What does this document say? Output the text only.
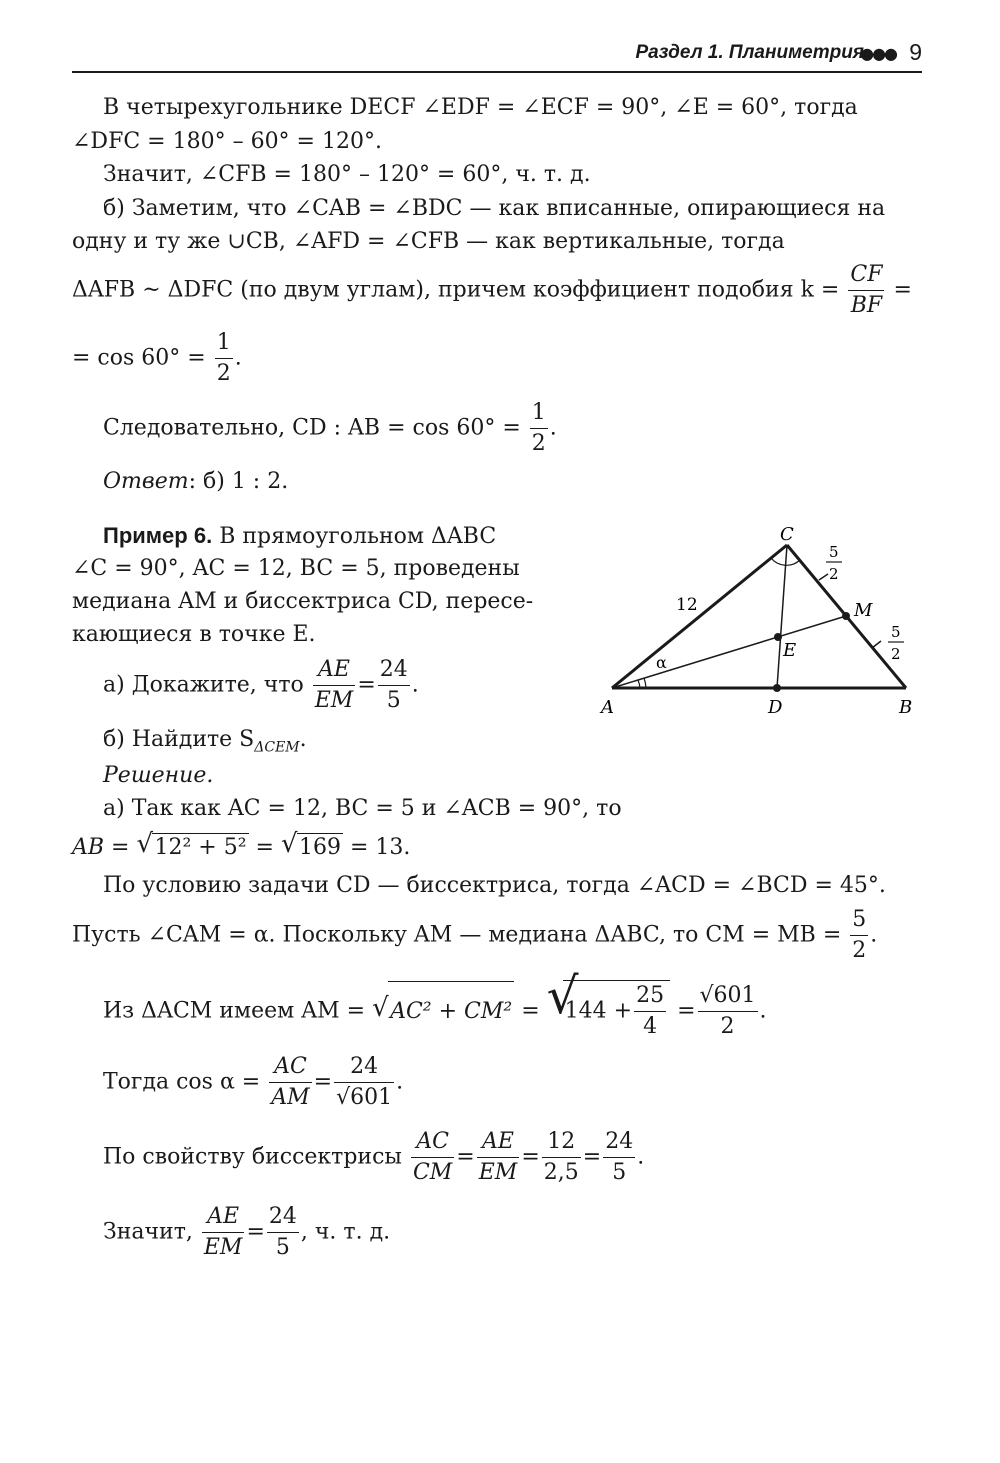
Раздел 1. Планиметрия
●●● 9
В четырехугольнике DECF ∠EDF = ∠ECF = 90°, ∠E = 60°, тогда
∠DFC = 180° – 60° = 120°.
Значит, ∠CFB = 180° – 120° = 60°, ч. т. д.
б) Заметим, что ∠CAB = ∠BDC — как вписанные, опирающиеся на
одну и ту же ∪CB, ∠AFD = ∠CFB — как вертикальные, тогда
ΔAFB ~ ΔDFC (по двум углам), причем коэффициент подобия $k = \frac{CF}{BF}$ =
= $\cos 60^\circ = \frac{1}{2}$ .
Следовательно, CD : AB = $\cos 60^\circ = \frac{1}{2}$ .
Ответ: б) 1 : 2.
Пример 6. В прямоугольном ΔABC
∠C = 90°, AC = 12, BC = 5, проведены
медиана AM и биссектриса CD, пересе-
кающиеся в точке E.
а) Докажите, что $\frac{AE}{EM} = \frac{24}{5}$ .
б) Найдите $S_{\Delta CEM}$.
Решение.
а) Так как AC = 12, BC = 5 и ∠ACB = 90°, то
AB = √ 12² + 5² = √ 169 = 13.
По условию задачи CD — биссектриса, тогда ∠ACD = ∠BCD = 45°.
Пусть ∠CAM = α. Поскольку AM — медиана ΔABC, то CM = MB = $\frac{5}{2}$ .
Из ΔACM имеем AM = √ AC² + CM² = √ $144 + \frac{25}{4} = \frac{√601}{2}$ .
Тогда $\cos \alpha = \frac{AC}{AM} = \frac{24}{√601}$ .
По свойству биссектрисы $\frac{AC}{CM} = \frac{AE}{EM} = \frac{12}{2,5} = \frac{24}{5}$ .
Значит, $\frac{AE}{EM} = \frac{24}{5}$ , ч. т. д.
C
A	B
D
E
M
12
α
5
2
5
2
